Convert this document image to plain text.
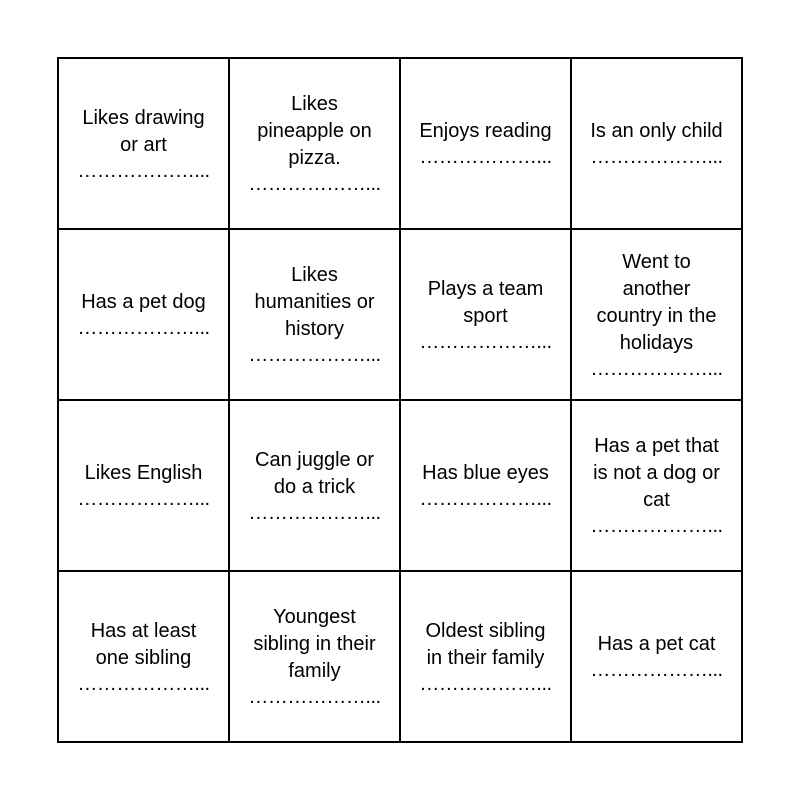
Likes drawing
or art
………………...
Likes
pineapple on
pizza.
………………...
Enjoys reading
………………...
Is an only child
………………...
Has a pet dog
………………...
Likes
humanities or
history
………………...
Plays a team
sport
………………...
Went to
another
country in the
holidays
………………...
Likes English
………………...
Can juggle or
do a trick
………………...
Has blue eyes
………………...
Has a pet that
is not a dog or
cat
………………...
Has at least
one sibling
………………...
Youngest
sibling in their
family
………………...
Oldest sibling
in their family
………………...
Has a pet cat
………………...
